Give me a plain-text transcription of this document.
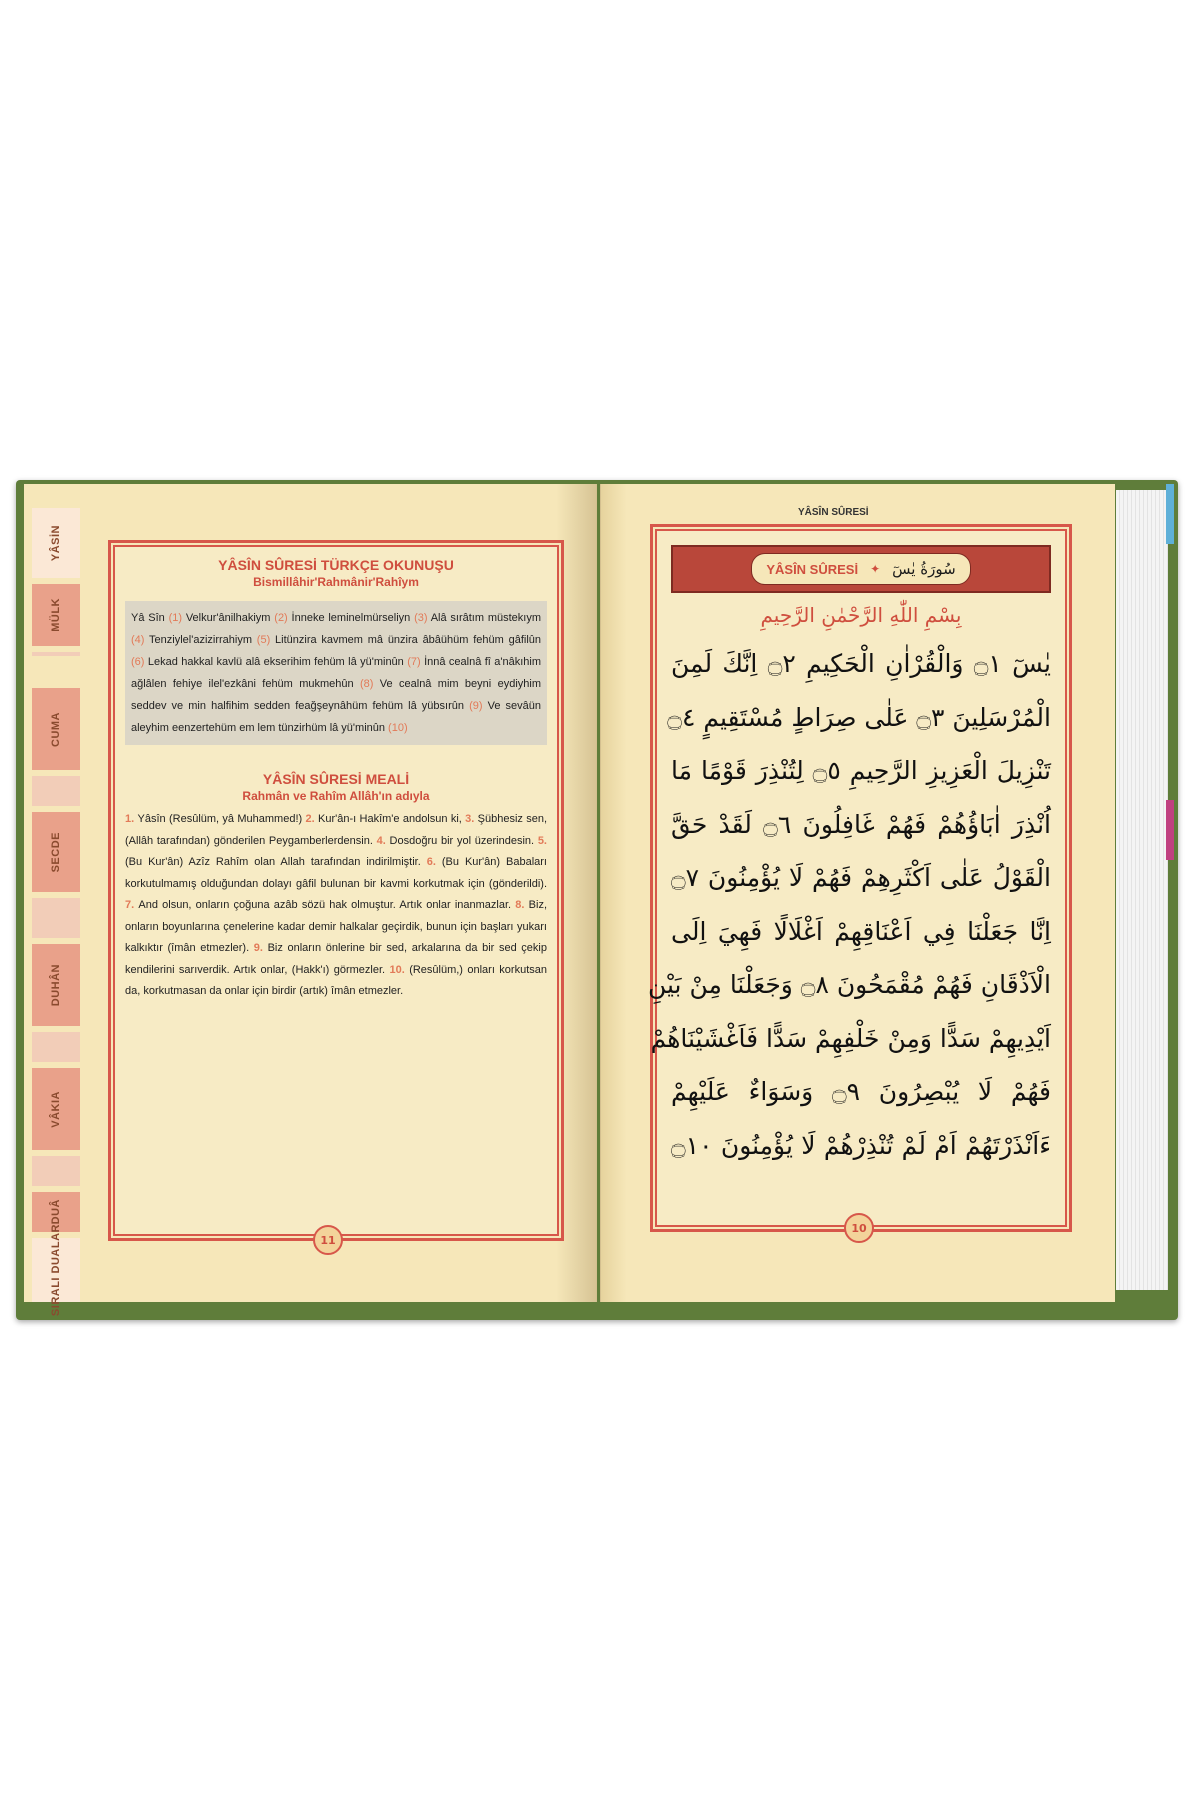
YÂSİN
MÜLK
CUMA
SECDE
DUHÂN
VÂKIA
DUÂ
SIRALI DUALAR
YÂSÎN SÛRESİ TÜRKÇE OKUNUŞU
Bismillâhir'Rahmânir'Rahîym
Yâ Sîn (1) Velkur'ânilhakiym (2) İnneke leminelmürseliyn (3) Alâ sırâtım müstekıym (4) Tenziylel'azizirrahiym (5) Litünzira kavmem mâ ünzira âbâühüm fehüm gâfilûn (6) Lekad hakkal kavlü alâ ekserihim fehüm lâ yü'minûn (7) İnnâ cealnâ fî a'nâkıhim ağlâlen fehiye ilel'ezkâni fehüm mukmehûn (8) Ve cealnâ mim beyni eydiyhim seddev ve min halfihim sedden feağşeynâhüm fehüm lâ yübsırûn (9) Ve sevâün aleyhim eenzertehüm em lem tünzirhüm lâ yü'minûn (10)
YÂSÎN SÛRESİ MEALİ
Rahmân ve Rahîm Allâh'ın adıyla
1. Yâsîn (Resûlüm, yâ Muhammed!) 2. Kur'ân-ı Hakîm'e andolsun ki, 3. Şübhesiz sen, (Allâh tarafından) gönderilen Peygamberlerdensin. 4. Dosdoğru bir yol üzerindesin. 5. (Bu Kur'ân) Azîz Rahîm olan Allah tarafından indirilmiştir. 6. (Bu Kur'ân) Babaları korkutulmamış olduğundan dolayı gâfil bulunan bir kavmi korkutmak için (gönderildi). 7. And olsun, onların çoğuna azâb sözü hak olmuştur. Artık onlar inanmazlar. 8. Biz, onların boyunlarına çenelerine kadar demir halkalar geçirdik, bunun için başları yukarı kalkıktır (îmân etmezler). 9. Biz onların önlerine bir sed, arkalarına da bir sed çekip kendilerini sarıverdik. Artık onlar, (Hakk'ı) görmezler. 10. (Resûlüm,) onları korkutsan da, korkutmasan da onlar için birdir (artık) îmân etmezler.
11
YÂSÎN SÛRESİ
YÂSÎN SÛRESİ ✦ سُورَةُ يٰسٓ
بِسْمِ اللّٰهِ الرَّحْمٰنِ الرَّحِيمِ
يٰسٓ ۝١ وَالْقُرْاٰنِ الْحَكِيمِ ۝٢ اِنَّكَ لَمِنَ
الْمُرْسَلِينَ ۝٣ عَلٰى صِرَاطٍ مُسْتَقِيمٍ ۝٤
تَنْزِيلَ الْعَزِيزِ الرَّحِيمِ ۝٥ لِتُنْذِرَ قَوْمًا مَا
اُنْذِرَ اٰبَاؤُهُمْ فَهُمْ غَافِلُونَ ۝٦ لَقَدْ حَقَّ
الْقَوْلُ عَلٰى اَكْثَرِهِمْ فَهُمْ لَا يُؤْمِنُونَ ۝٧
اِنَّا جَعَلْنَا فِي اَعْنَاقِهِمْ اَغْلَالًا فَهِيَ اِلَى
الْاَذْقَانِ فَهُمْ مُقْمَحُونَ ۝٨ وَجَعَلْنَا مِنْ بَيْنِ
اَيْدِيهِمْ سَدًّا وَمِنْ خَلْفِهِمْ سَدًّا فَاَغْشَيْنَاهُمْ
فَهُمْ لَا يُبْصِرُونَ ۝٩ وَسَوَاءٌ عَلَيْهِمْ
ءَاَنْذَرْتَهُمْ اَمْ لَمْ تُنْذِرْهُمْ لَا يُؤْمِنُونَ ۝١٠
10
